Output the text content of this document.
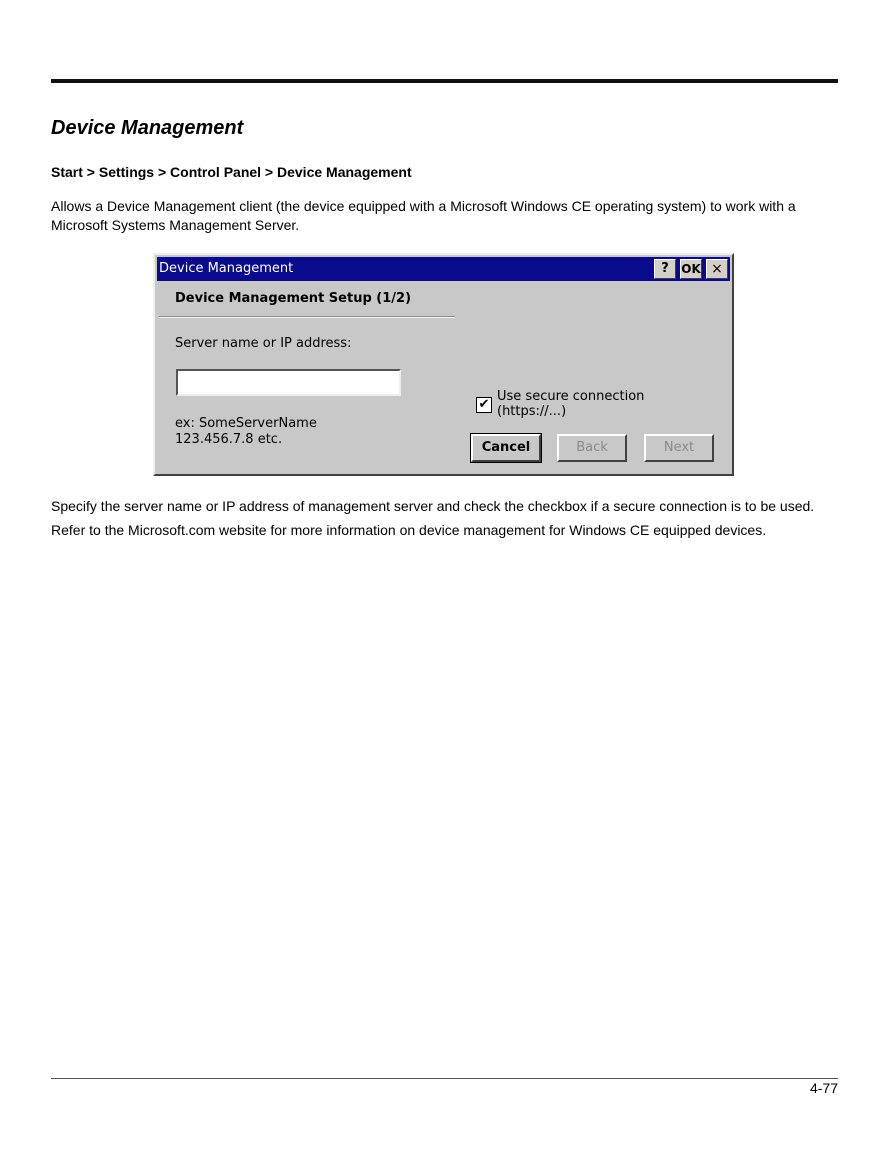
Device Management
Start > Settings > Control Panel > Device Management
Allows a Device Management client (the device equipped with a Microsoft Windows CE operating system) to work with a Microsoft Systems Management Server.
Device Management	?	OK ×
Device Management Setup (1/2)
Server name or IP address:
ex: SomeServerName
123.456.7.8 etc.
✔
Use secure connection
(https://...)
Cancel	Back	Next
Specify the server name or IP address of management server and check the checkbox if a secure connection is to be used.
Refer to the Microsoft.com website for more information on device management for Windows CE equipped devices.
4-77
